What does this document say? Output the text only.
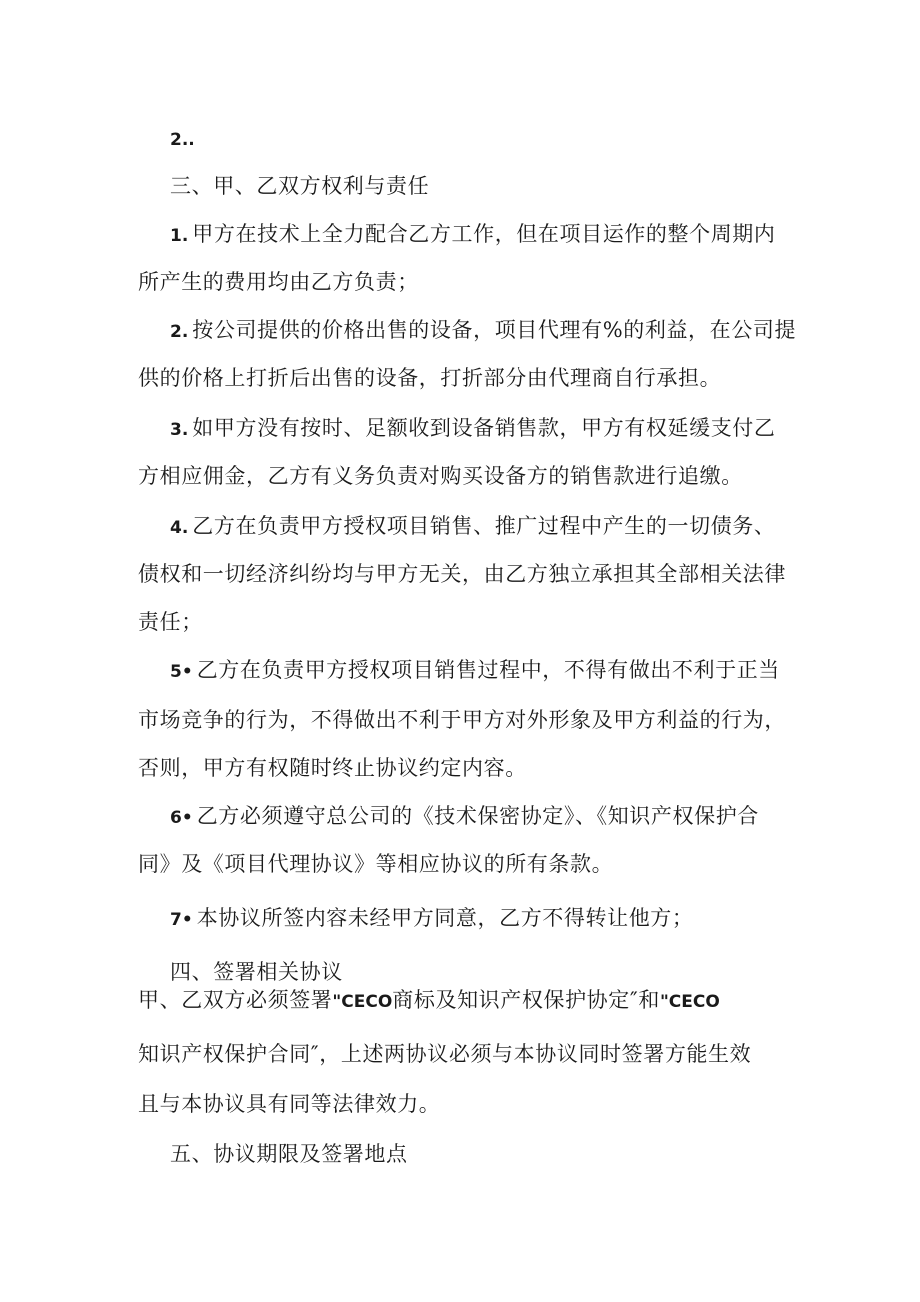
2..
三、甲、乙双方权利与责任
1. 甲方在技术上全力配合乙方工作，但在项目运作的整个周期内
所产生的费用均由乙方负责；
2. 按公司提供的价格出售的设备，项目代理有%的利益，在公司提
供的价格上打折后出售的设备，打折部分由代理商自行承担。
3. 如甲方没有按时、足额收到设备销售款，甲方有权延缓支付乙
方相应佣金，乙方有义务负责对购买设备方的销售款进行追缴。
4. 乙方在负责甲方授权项目销售、推广过程中产生的一切债务、
债权和一切经济纠纷均与甲方无关，由乙方独立承担其全部相关法律
责任；
5• 乙方在负责甲方授权项目销售过程中，不得有做出不利于正当
市场竞争的行为，不得做出不利于甲方对外形象及甲方利益的行为，
否则，甲方有权随时终止协议约定内容。
6• 乙方必须遵守总公司的《技术保密协定》、《知识产权保护合
同》及《项目代理协议》等相应协议的所有条款。
7• 本协议所签内容未经甲方同意，乙方不得转让他方；
四、签署相关协议
甲、乙双方必须签署"CECO商标及知识产权保护协定″和"CECO
知识产权保护合同″，上述两协议必须与本协议同时签署方能生效
且与本协议具有同等法律效力。
五、协议期限及签署地点
